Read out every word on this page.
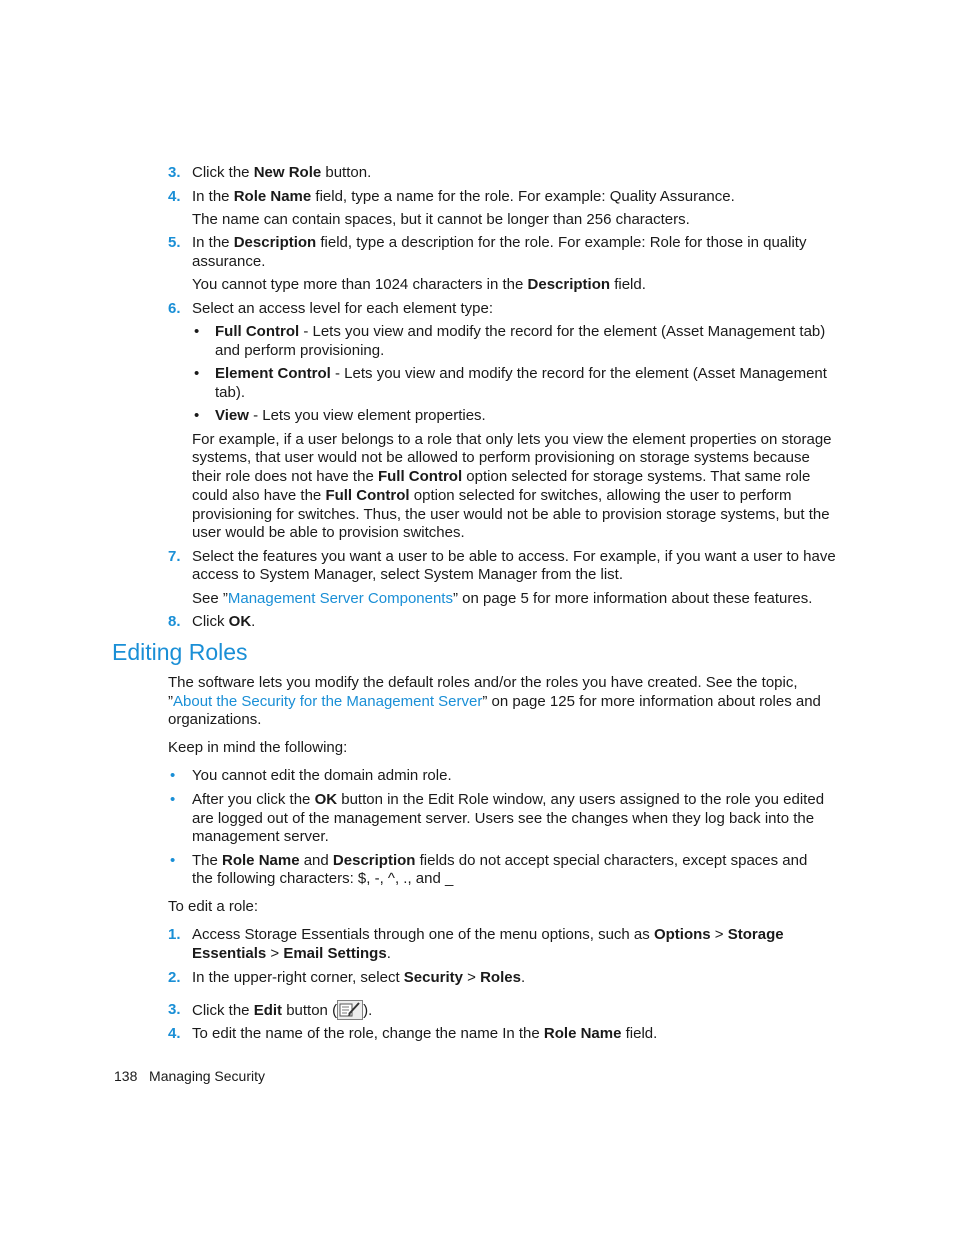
3. Click the New Role button.
4. In the Role Name field, type a name for the role. For example: Quality Assurance.
The name can contain spaces, but it cannot be longer than 256 characters.
5. In the Description field, type a description for the role. For example: Role for those in quality
assurance.
You cannot type more than 1024 characters in the Description field.
6. Select an access level for each element type:
• Full Control - Lets you view and modify the record for the element (Asset Management tab)
and perform provisioning.
• Element Control - Lets you view and modify the record for the element (Asset Management
tab).
• View - Lets you view element properties.
For example, if a user belongs to a role that only lets you view the element properties on storage
systems, that user would not be allowed to perform provisioning on storage systems because
their role does not have the Full Control option selected for storage systems. That same role
could also have the Full Control option selected for switches, allowing the user to perform
provisioning for switches. Thus, the user would not be able to provision storage systems, but the
user would be able to provision switches.
7. Select the features you want a user to be able to access. For example, if you want a user to have
access to System Manager, select System Manager from the list.
See ”Management Server Components” on page 5 for more information about these features.
8. Click OK.
Editing Roles
The software lets you modify the default roles and/or the roles you have created. See the topic,
”About the Security for the Management Server” on page 125 for more information about roles and
organizations.
Keep in mind the following:
• You cannot edit the domain admin role.
• After you click the OK button in the Edit Role window, any users assigned to the role you edited
are logged out of the management server. Users see the changes when they log back into the
management server.
• The Role Name and Description fields do not accept special characters, except spaces and
the following characters: $, -, ^, ., and _
To edit a role:
1. Access Storage Essentials through one of the menu options, such as Options > Storage
Essentials > Email Settings.
2. In the upper-right corner, select Security > Roles.
3. Click the Edit button ( ).
4. To edit the name of the role, change the name In the Role Name field.
138 Managing Security
